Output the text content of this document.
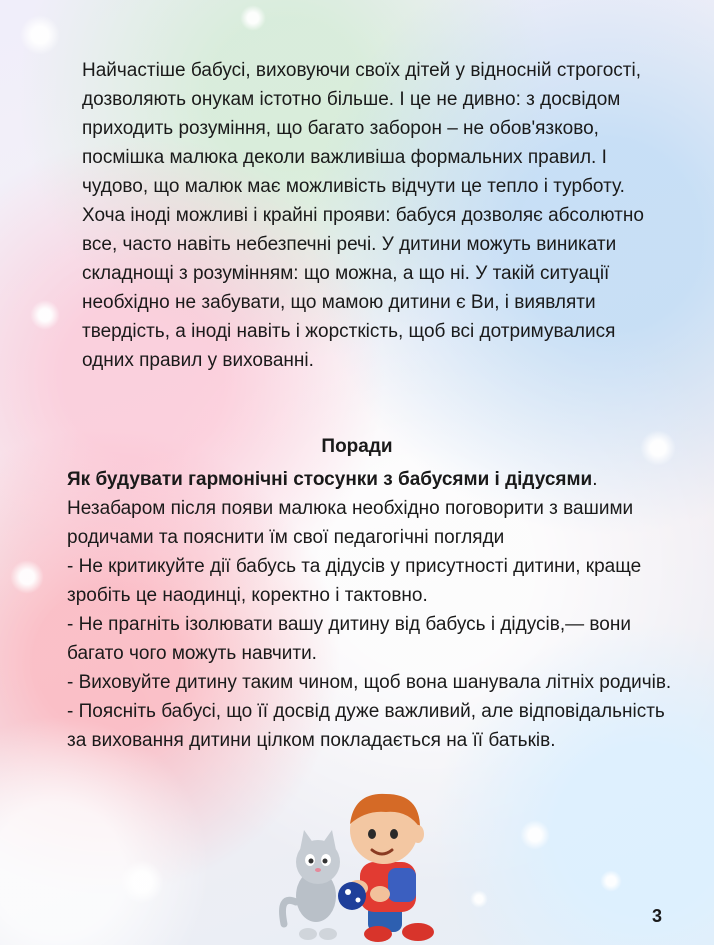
Найчастіше бабусі, виховуючи своїх дітей у відносній строгості, дозволяють онукам істотно більше. І це не дивно: з досвідом приходить розуміння, що багато заборон – не обов'язково, посмішка малюка деколи важливіша формальних правил. І чудово, що малюк має можливість відчути це тепло і турботу. Хоча іноді можливі і крайні прояви: бабуся дозволяє абсолютно все, часто навіть небезпечні речі. У дитини можуть виникати складнощі з розумінням: що можна, а що ні. У такій ситуації необхідно не забувати, що мамою дитини є Ви, і виявляти твердість, а іноді навіть і жорсткість, щоб всі дотримувалися одних правил у вихованні.

Поради

Як будувати гармонічні стосунки з бабусями і дідусями.

Незабаром після появи малюка необхідно поговорити з вашими родичами та пояснити їм свої педагогічні погляди

- Не критикуйте дії бабусь та дідусів у присутності дитини, краще зробіть це наодинці, коректно і тактовно.

- Не прагніть ізолювати вашу дитину від бабусь і дідусів,— вони багато чого можуть навчити.

- Виховуйте дитину таким чином, щоб вона шанувала літніх родичів.

- Поясніть бабусі, що її досвід дуже важливий, але відповідальність за виховання дитини цілком покладається на її батьків.

3
